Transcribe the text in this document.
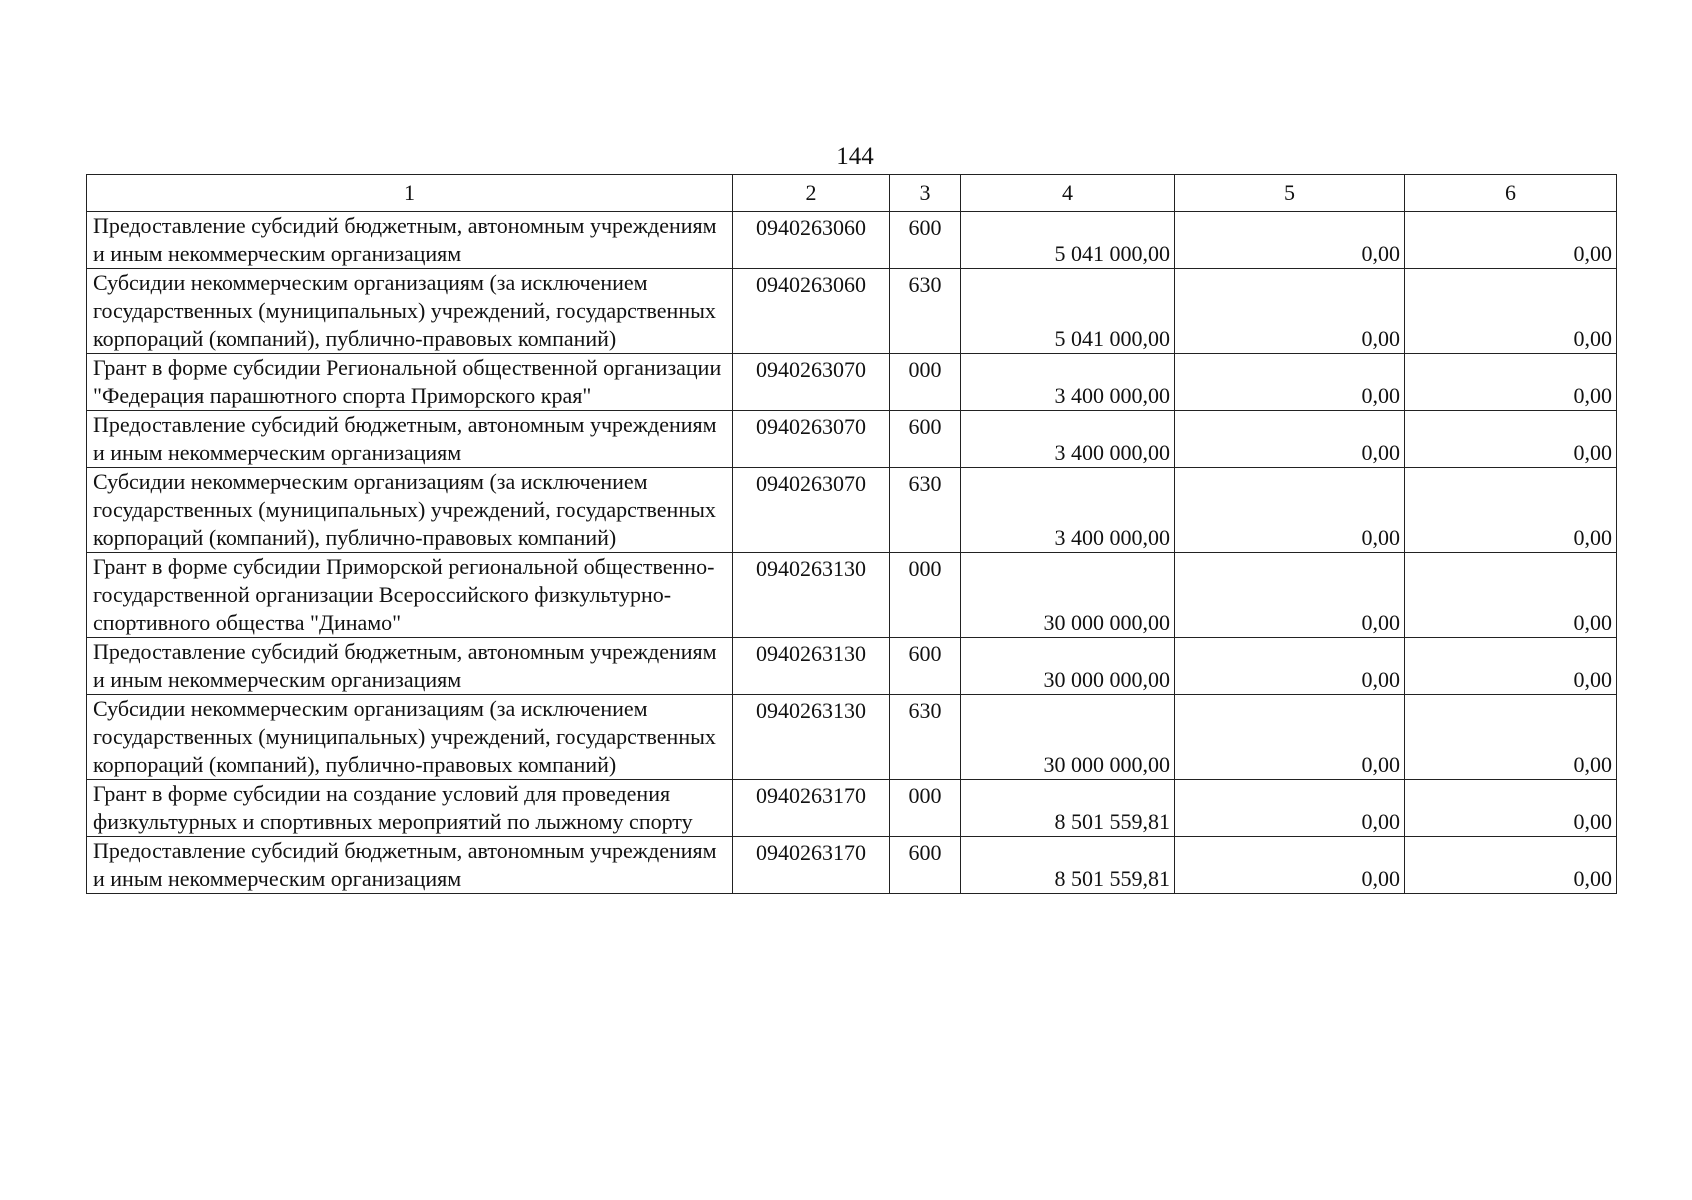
144
1	2	3	4	5	6
Предоставление субсидий бюджетным, автономным учреждениям и иным некоммерческим организациям	0940263060	600	5 041 000,00	0,00	0,00
Субсидии некоммерческим организациям (за исключением государственных (муниципальных) учреждений, государственных корпораций (компаний), публично-правовых компаний)	0940263060	630	5 041 000,00	0,00	0,00
Грант в форме субсидии Региональной общественной организации "Федерация парашютного спорта Приморского края"	0940263070	000	3 400 000,00	0,00	0,00
Предоставление субсидий бюджетным, автономным учреждениям и иным некоммерческим организациям	0940263070	600	3 400 000,00	0,00	0,00
Субсидии некоммерческим организациям (за исключением государственных (муниципальных) учреждений, государственных корпораций (компаний), публично-правовых компаний)	0940263070	630	3 400 000,00	0,00	0,00
Грант в форме субсидии Приморской региональной общественно-государственной организации Всероссийского физкультурно-спортивного общества "Динамо"	0940263130	000	30 000 000,00	0,00	0,00
Предоставление субсидий бюджетным, автономным учреждениям и иным некоммерческим организациям	0940263130	600	30 000 000,00	0,00	0,00
Субсидии некоммерческим организациям (за исключением государственных (муниципальных) учреждений, государственных корпораций (компаний), публично-правовых компаний)	0940263130	630	30 000 000,00	0,00	0,00
Грант в форме субсидии на создание условий для проведения физкультурных и спортивных мероприятий по лыжному спорту	0940263170	000	8 501 559,81	0,00	0,00
Предоставление субсидий бюджетным, автономным учреждениям и иным некоммерческим организациям	0940263170	600	8 501 559,81	0,00	0,00
